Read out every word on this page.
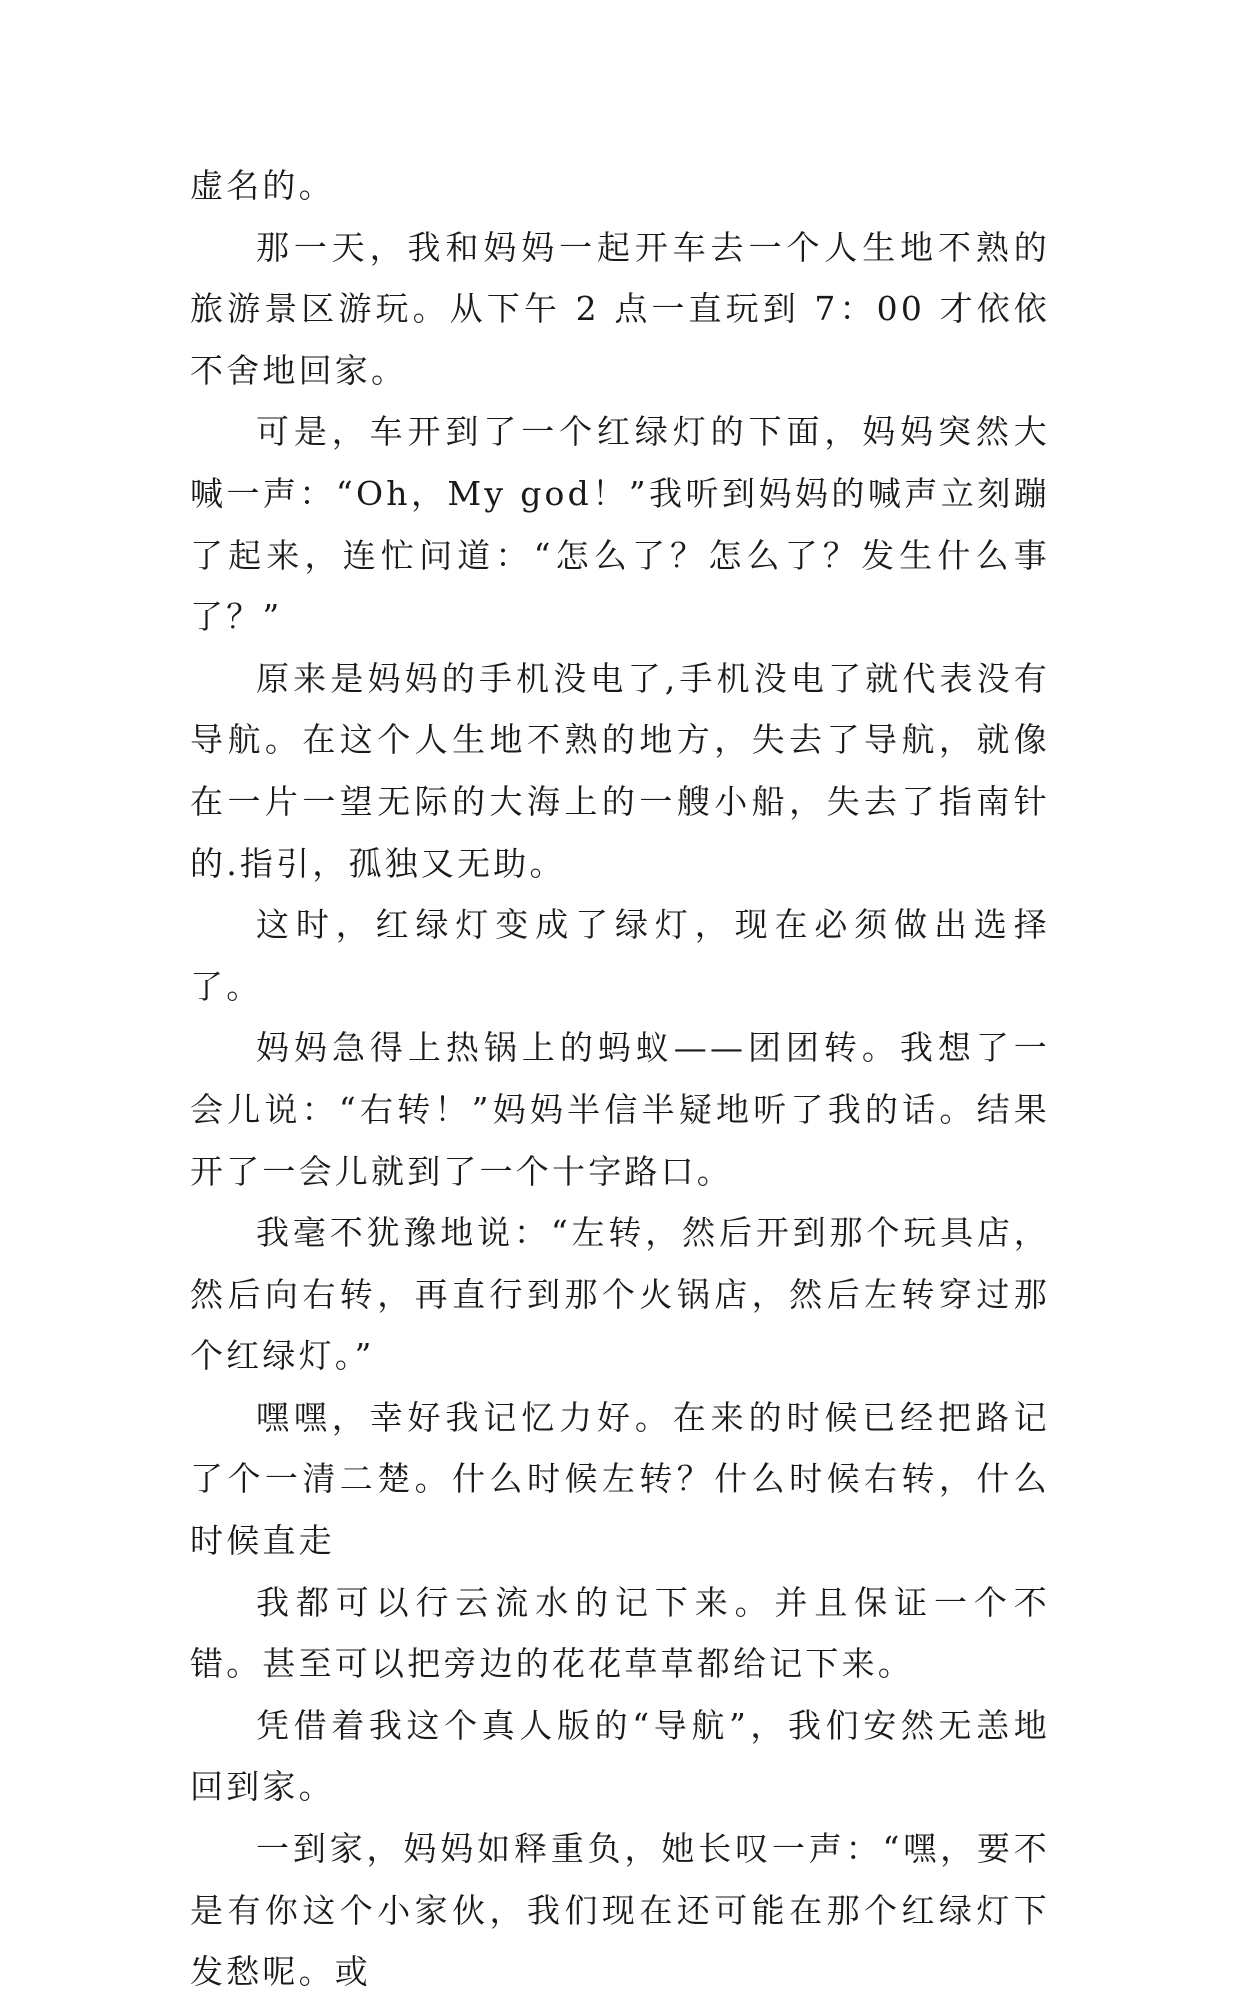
虚名的。

那一天，我和妈妈一起开车去一个人生地不熟的旅游景区游玩。从下午 2 点一直玩到 7：00 才依依不舍地回家。

可是，车开到了一个红绿灯的下面，妈妈突然大喊一声：“Oh，My god！”我听到妈妈的喊声立刻蹦了起来，连忙问道：“怎么了？怎么了？发生什么事了？”

原来是妈妈的手机没电了,手机没电了就代表没有导航。在这个人生地不熟的地方，失去了导航，就像在一片一望无际的大海上的一艘小船，失去了指南针的.指引，孤独又无助。

这时，红绿灯变成了绿灯，现在必须做出选择了。

妈妈急得上热锅上的蚂蚁——团团转。我想了一会儿说：“右转！”妈妈半信半疑地听了我的话。结果开了一会儿就到了一个十字路口。

我毫不犹豫地说：“左转，然后开到那个玩具店，然后向右转，再直行到那个火锅店，然后左转穿过那个红绿灯。”

嘿嘿，幸好我记忆力好。在来的时候已经把路记了个一清二楚。什么时候左转？什么时候右转，什么时候直走

我都可以行云流水的记下来。并且保证一个不错。甚至可以把旁边的花花草草都给记下来。

凭借着我这个真人版的“导航”，我们安然无恙地回到家。

一到家，妈妈如释重负，她长叹一声：“嘿，要不是有你这个小家伙，我们现在还可能在那个红绿灯下发愁呢。或
